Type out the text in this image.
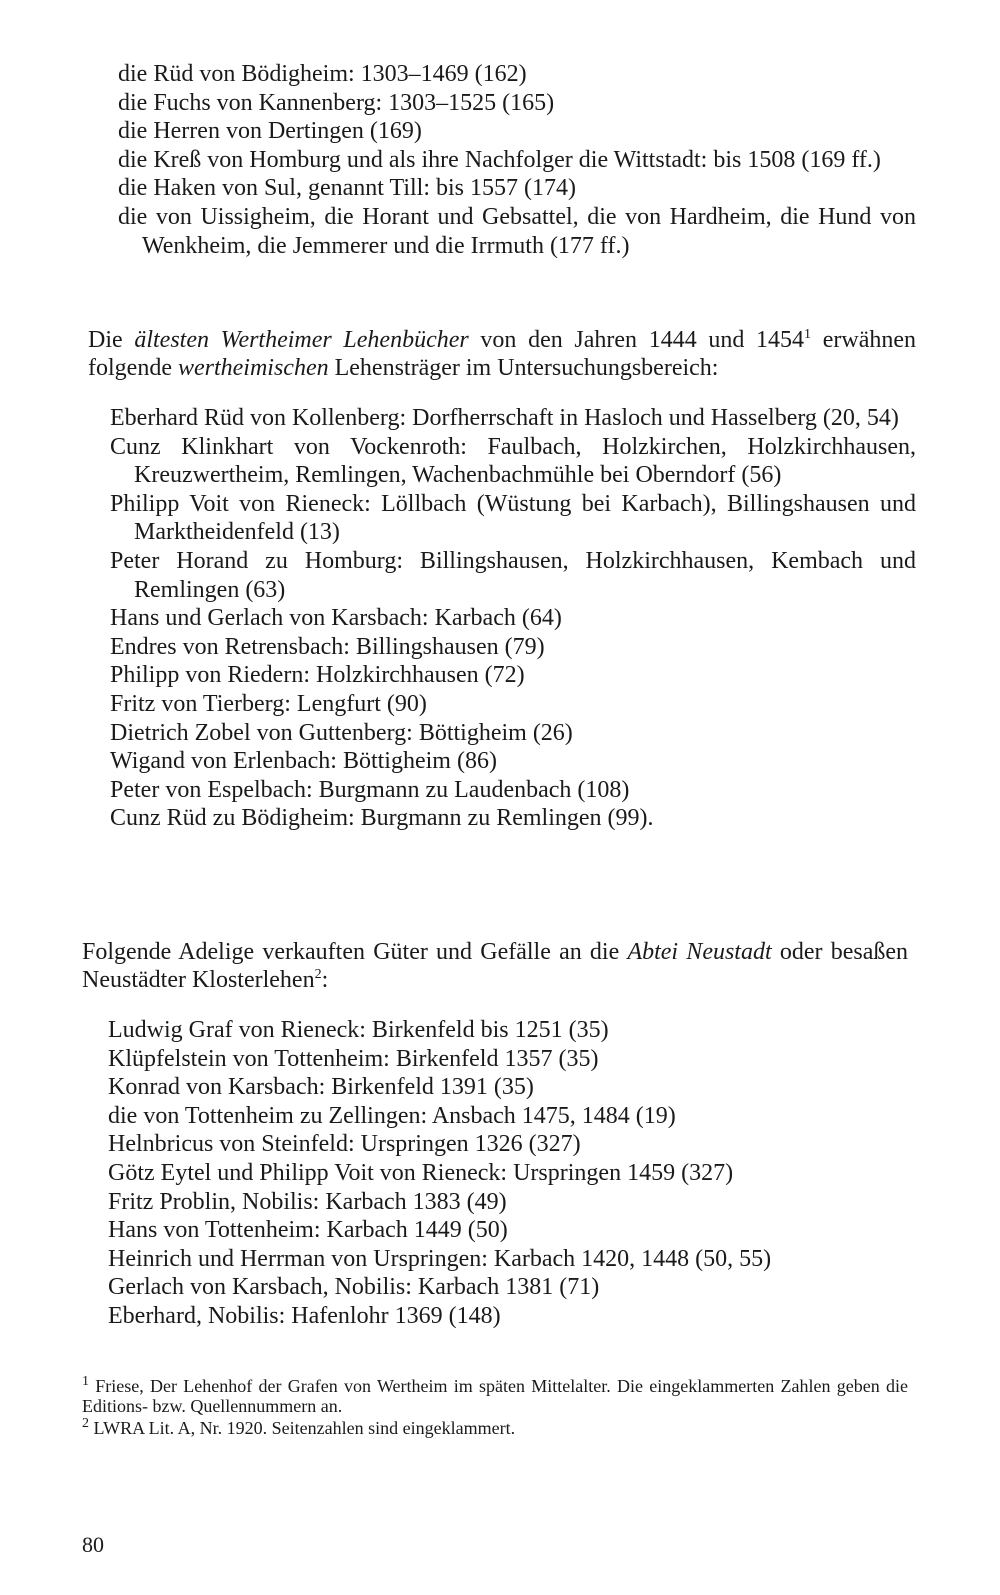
die Rüd von Bödigheim: 1303–1469 (162)
die Fuchs von Kannenberg: 1303–1525 (165)
die Herren von Dertingen (169)
die Kreß von Homburg und als ihre Nachfolger die Wittstadt: bis 1508 (169 ff.)
die Haken von Sul, genannt Till: bis 1557 (174)
die von Uissigheim, die Horant und Gebsattel, die von Hardheim, die Hund von Wenkheim, die Jemmerer und die Irrmuth (177 ff.)

Die ältesten Wertheimer Lehenbücher von den Jahren 1444 und 1454$^1$ erwähnen folgende wertheimischen Lehensträger im Untersuchungsbereich:

Eberhard Rüd von Kollenberg: Dorfherrschaft in Hasloch und Hasselberg (20, 54)
Cunz Klinkhart von Vockenroth: Faulbach, Holzkirchen, Holzkirchhausen, Kreuzwertheim, Remlingen, Wachenbachmühle bei Oberndorf (56)
Philipp Voit von Rieneck: Löllbach (Wüstung bei Karbach), Billingshausen und Marktheidenfeld (13)
Peter Horand zu Homburg: Billingshausen, Holzkirchhausen, Kembach und Remlingen (63)
Hans und Gerlach von Karsbach: Karbach (64)
Endres von Retrensbach: Billingshausen (79)
Philipp von Riedern: Holzkirchhausen (72)
Fritz von Tierberg: Lengfurt (90)
Dietrich Zobel von Guttenberg: Böttigheim (26)
Wigand von Erlenbach: Böttigheim (86)
Peter von Espelbach: Burgmann zu Laudenbach (108)
Cunz Rüd zu Bödigheim: Burgmann zu Remlingen (99).

Folgende Adelige verkauften Güter und Gefälle an die Abtei Neustadt oder besaßen Neustädter Klosterlehen$^2$:

Ludwig Graf von Rieneck: Birkenfeld bis 1251 (35)
Klüpfelstein von Tottenheim: Birkenfeld 1357 (35)
Konrad von Karsbach: Birkenfeld 1391 (35)
die von Tottenheim zu Zellingen: Ansbach 1475, 1484 (19)
Helnbricus von Steinfeld: Urspringen 1326 (327)
Götz Eytel und Philipp Voit von Rieneck: Urspringen 1459 (327)
Fritz Problin, Nobilis: Karbach 1383 (49)
Hans von Tottenheim: Karbach 1449 (50)
Heinrich und Herrman von Urspringen: Karbach 1420, 1448 (50, 55)
Gerlach von Karsbach, Nobilis: Karbach 1381 (71)
Eberhard, Nobilis: Hafenlohr 1369 (148)

$^1$ Friese, Der Lehenhof der Grafen von Wertheim im späten Mittelalter. Die eingeklammerten Zahlen geben die Editions- bzw. Quellennummern an.

$^2$ LWRA Lit. A, Nr. 1920. Seitenzahlen sind eingeklammert.

80
